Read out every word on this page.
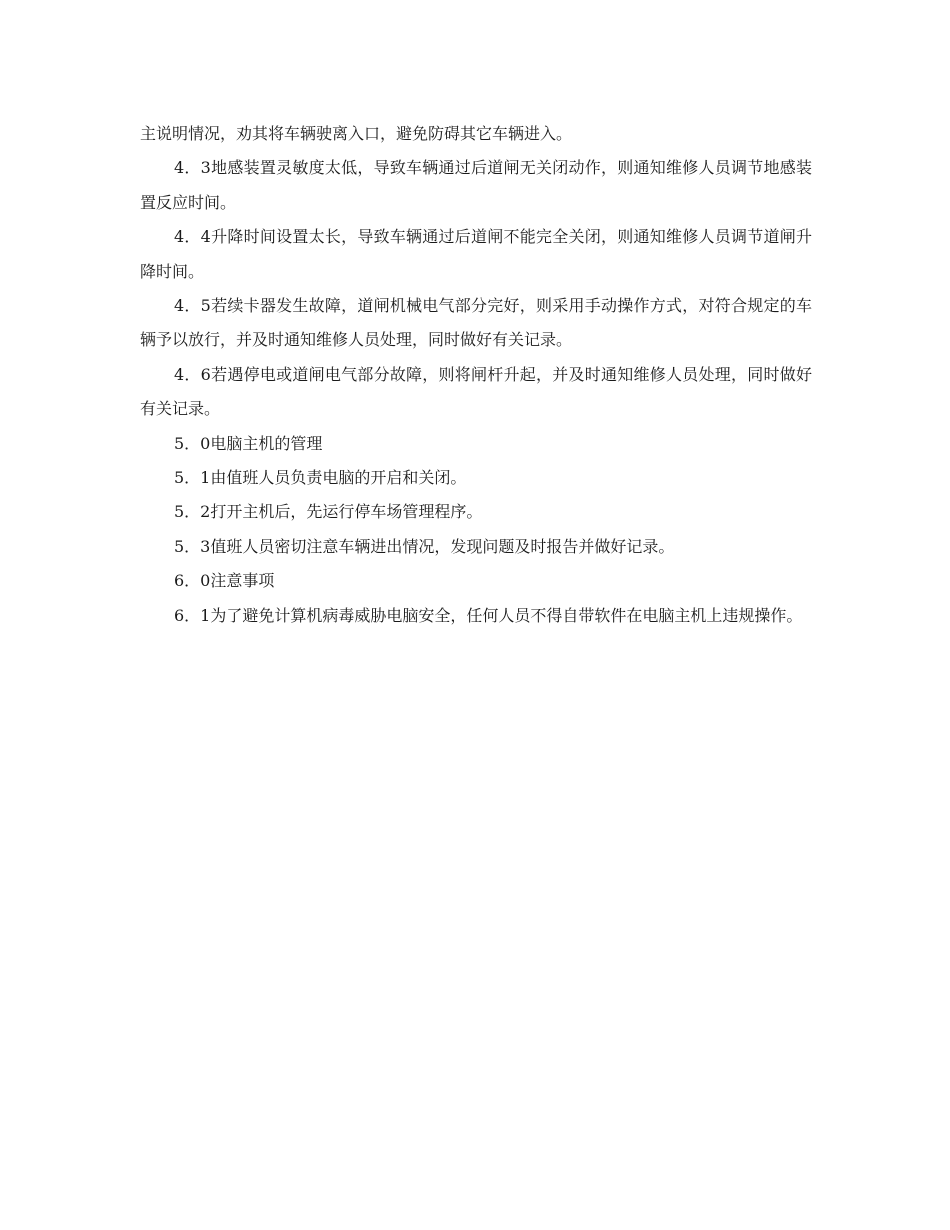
主说明情况，劝其将车辆驶离入口，避免防碍其它车辆进入。

4．3地感装置灵敏度太低，导致车辆通过后道闸无关闭动作，则通知维修人员调节地感装置反应时间。

4．4升降时间设置太长，导致车辆通过后道闸不能完全关闭，则通知维修人员调节道闸升降时间。

4．5若续卡器发生故障，道闸机械电气部分完好，则采用手动操作方式，对符合规定的车辆予以放行，并及时通知维修人员处理，同时做好有关记录。

4．6若遇停电或道闸电气部分故障，则将闸杆升起，并及时通知维修人员处理，同时做好有关记录。

5．0电脑主机的管理

5．1由值班人员负责电脑的开启和关闭。

5．2打开主机后，先运行停车场管理程序。

5．3值班人员密切注意车辆进出情况，发现问题及时报告并做好记录。

6．0注意事项

6．1为了避免计算机病毒威胁电脑安全，任何人员不得自带软件在电脑主机上违规操作。
